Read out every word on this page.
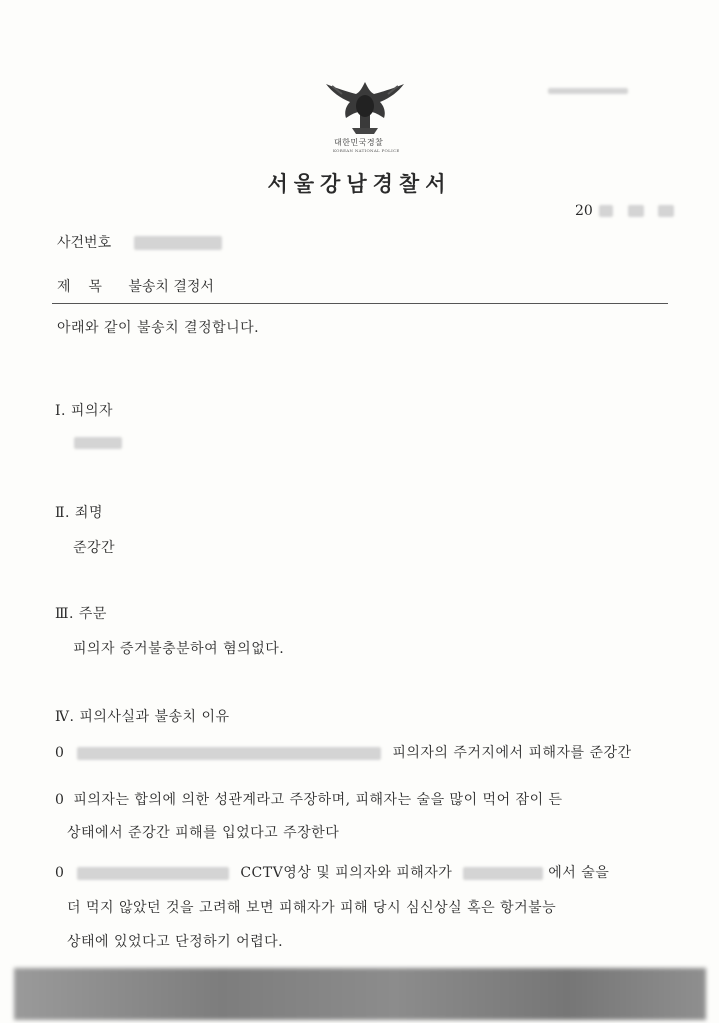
대한민국경찰
KOREAN NATIONAL POLICE
서울강남경찰서
20
사건번호
제    목 불송치 결정서
아래와 같이 불송치 결정합니다.
Ⅰ. 피의자
Ⅱ. 죄명
준강간
Ⅲ. 주문
피의자 증거불충분하여 혐의없다.
Ⅳ. 피의사실과 불송치 이유
0	피의자의 주거지에서 피해자를 준강간
0 피의자는 합의에 의한 성관계라고 주장하며, 피해자는 술을 많이 먹어 잠이 든
상태에서 준강간 피해를 입었다고 주장한다
0	CCTV영상 및 피의자와 피해자가	에서 술을
더 먹지 않았던 것을 고려해 보면 피해자가 피해 당시 심신상실 혹은 항거불능
상태에 있었다고 단정하기 어렵다.
